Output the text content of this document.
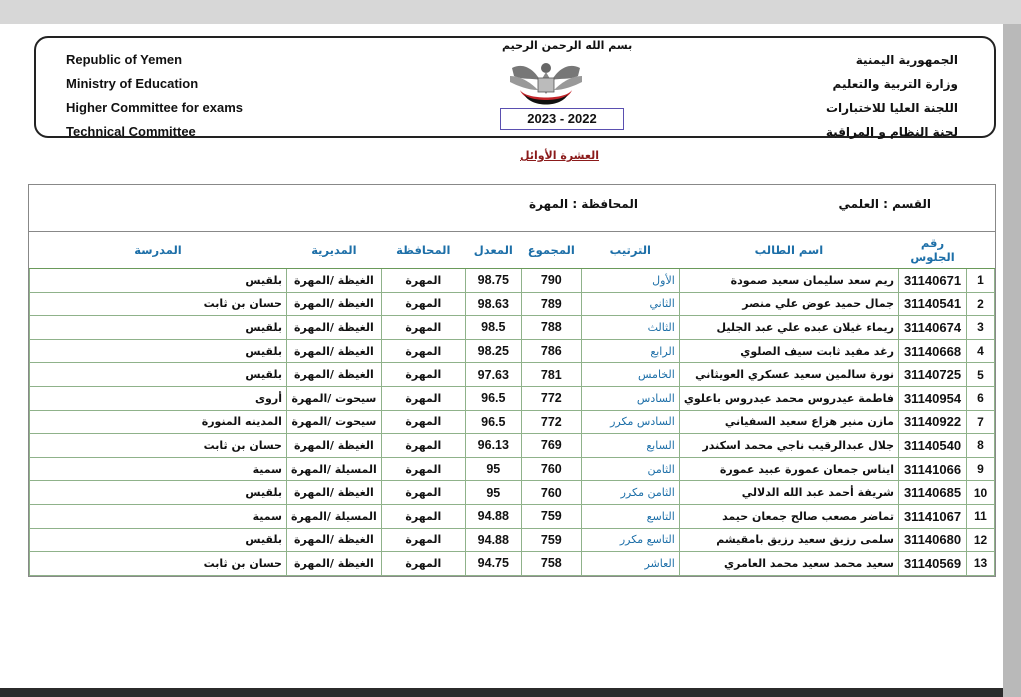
Republic of Yemen
Ministry of Education
Higher Committee for exams
Technical Committee
بسم الله الرحمن الرحيم
2023 - 2022
الجمهورية اليمنية
وزارة التربية والتعليم
اللجنة العليا للاختبارات
لجنة النظام و المراقبة
العشرة الأوائل
القسم : العلمي
المحافظة : المهرة
	رقم الجلوس	اسم الطالب	الترتيب	المجموع	المعدل	المحافظة	المديرية	المدرسة
1	31140671	ريم سعد سليمان سعيد صمودة	الأول	790	98.75	المهرة	الغيظة /المهرة	بلقيس
2	31140541	جمال حميد عوض علي منصر	الثاني	789	98.63	المهرة	الغيظة /المهرة	حسان بن ثابت
3	31140674	ريماء غيلان عبده علي عبد الجليل	الثالث	788	98.5	المهرة	الغيظة /المهرة	بلقيس
4	31140668	رغد مفيد ثابت سيف الصلوي	الرابع	786	98.25	المهرة	الغيظة /المهرة	بلقيس
5	31140725	نورة سالمين سعيد عسكري العويثاني	الخامس	781	97.63	المهرة	الغيظة /المهرة	بلقيس
6	31140954	فاطمة عيدروس محمد عيدروس باعلوي	السادس	772	96.5	المهرة	سيحوت /المهرة	أروى
7	31140922	مازن منير هزاع سعيد السفياني	السادس مكرر	772	96.5	المهرة	سيحوت /المهرة	المدينه المنورة
8	31140540	جلال عبدالرقيب ناجي محمد اسكندر	السابع	769	96.13	المهرة	الغيظة /المهرة	حسان بن ثابت
9	31141066	ايناس جمعان عمورة عبيد عمورة	الثامن	760	95	المهرة	المسيلة /المهرة	سمية
10	31140685	شريفة أحمد عبد الله الدلالي	الثامن مكرر	760	95	المهرة	الغيظة /المهرة	بلقيس
11	31141067	تماضر مصعب صالح جمعان حيمد	التاسع	759	94.88	المهرة	المسيلة /المهرة	سمية
12	31140680	سلمى رزيق سعيد رزيق بامقيشم	التاسع مكرر	759	94.88	المهرة	الغيظة /المهرة	بلقيس
13	31140569	سعيد محمد سعيد محمد العامري	العاشر	758	94.75	المهرة	الغيظة /المهرة	حسان بن ثابت
